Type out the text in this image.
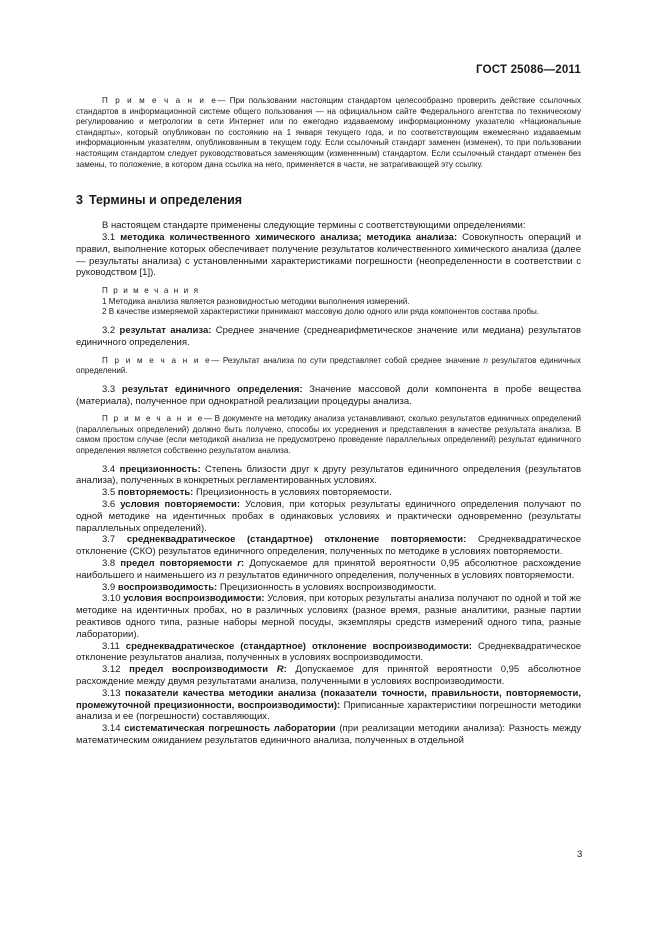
ГОСТ 25086—2011

П р и м е ч а н и е— При пользовании настоящим стандартом целесообразно проверить действие ссылочных стандартов в информационной системе общего пользования — на официальном сайте Федерального агентства по техническому регулированию и метрологии в сети Интернет или по ежегодно издаваемому информационному указателю «Национальные стандарты», который опубликован по состоянию на 1 января текущего года, и по соответствующим ежемесячно издаваемым информационным указателям, опубликованным в текущем году. Если ссылочный стандарт заменен (изменен), то при пользовании настоящим стандартом следует руководствоваться заменяющим (измененным) стандартом. Если ссылочный стандарт отменен без замены, то положение, в котором дана ссылка на него, применяется в части, не затрагивающей эту ссылку.

3 Термины и определения

В настоящем стандарте применены следующие термины с соответствующими определениями:

3.1 методика количественного химического анализа; методика анализа: Совокупность операций и правил, выполнение которых обеспечивает получение результатов количественного химического анализа (далее — результаты анализа) с установленными характеристиками погрешности (неопределенности в соответствии с руководством [1]).

П р и м е ч а н и я

1 Методика анализа является разновидностью методики выполнения измерений.

2 В качестве измеряемой характеристики принимают массовую долю одного или ряда компонентов состава пробы.

3.2 результат анализа: Среднее значение (среднеарифметическое значение или медиана) результатов единичного определения.

П р и м е ч а н и е— Результат анализа по сути представляет собой среднее значение n результатов единичных определений.

3.3 результат единичного определения: Значение массовой доли компонента в пробе вещества (материала), полученное при однократной реализации процедуры анализа.

П р и м е ч а н и е— В документе на методику анализа устанавливают, сколько результатов единичных определений (параллельных определений) должно быть получено, способы их усреднения и представления в качестве результата анализа. В самом простом случае (если методикой анализа не предусмотрено проведение параллельных определений) результат единичного определения является собственно результатом анализа.

3.4 прецизионность: Степень близости друг к другу результатов единичного определения (результатов анализа), полученных в конкретных регламентированных условиях.

3.5 повторяемость: Прецизионность в условиях повторяемости.

3.6 условия повторяемости: Условия, при которых результаты единичного определения получают по одной методике на идентичных пробах в одинаковых условиях и практически одновременно (результаты параллельных определений).

3.7 среднеквадратическое (стандартное) отклонение повторяемости: Среднеквадратическое отклонение (СКО) результатов единичного определения, полученных по методике в условиях повторяемости.

3.8 предел повторяемости r: Допускаемое для принятой вероятности 0,95 абсолютное расхождение наибольшего и наименьшего из n результатов единичного определения, полученных в условиях повторяемости.

3.9 воспроизводимость: Прецизионность в условиях воспроизводимости.

3.10 условия воспроизводимости: Условия, при которых результаты анализа получают по одной и той же методике на идентичных пробах, но в различных условиях (разное время, разные аналитики, разные партии реактивов одного типа, разные наборы мерной посуды, экземпляры средств измерений одного типа, разные лаборатории).

3.11 среднеквадратическое (стандартное) отклонение воспроизводимости: Среднеквадратическое отклонение результатов анализа, полученных в условиях воспроизводимости.

3.12 предел воспроизводимости R: Допускаемое для принятой вероятности 0,95 абсолютное расхождение между двумя результатами анализа, полученными в условиях воспроизводимости.

3.13 показатели качества методики анализа (показатели точности, правильности, повторяемости, промежуточной прецизионности, воспроизводимости): Приписанные характеристики погрешности методики анализа и ее (погрешности) составляющих.

3.14 систематическая погрешность лаборатории (при реализации методики анализа): Разность между математическим ожиданием результатов единичного анализа, полученных в отдельной

3
